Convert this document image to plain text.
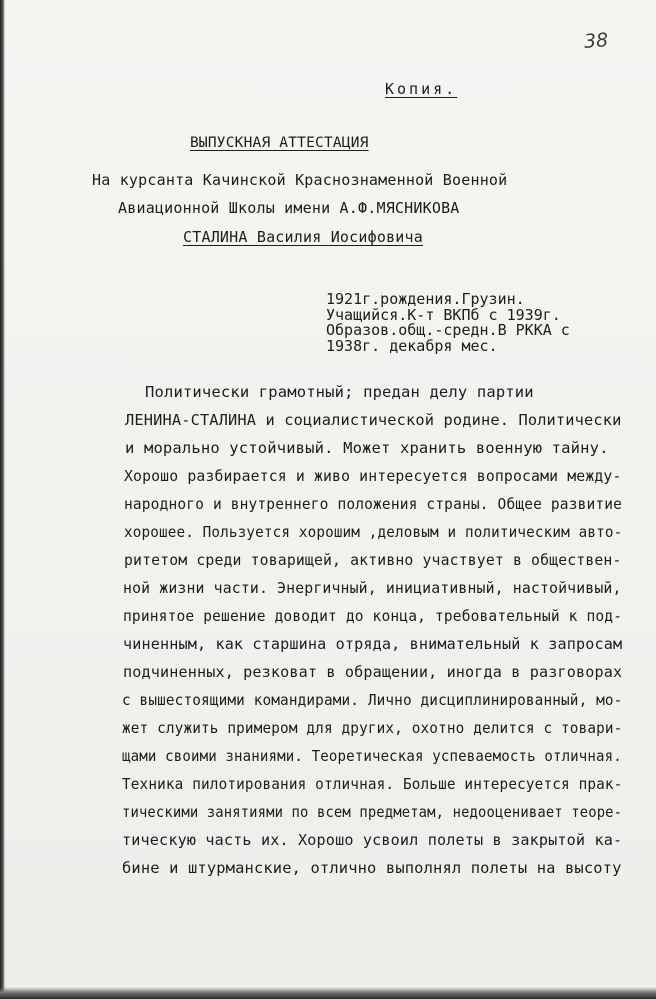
38
Копия.
ВЫПУСКНАЯ АТТЕСТАЦИЯ
На курсанта Качинской Краснознаменной Военной
Авиационной Школы имени А.Ф.МЯСНИКОВА
СТАЛИНА Василия Иосифовича
1921г.рождения.Грузин.
Учащийся.К-т ВКПб с 1939г.
Образов.общ.-средн.В РККА с
1938г. декабря мес.
Политически грамотный; предан делу партии
ЛЕНИНА-СТАЛИНА и социалистической родине. Политически
и морально устойчивый. Может хранить военную тайну.
Хорошо разбирается и живо интересуется вопросами между-
народного и внутреннего положения страны. Общее развитие
хорошее. Пользуется хорошим ,деловым и политическим авто-
ритетом среди товарищей, активно участвует в обществен-
ной жизни части. Энергичный, инициативный, настойчивый,
принятое решение доводит до конца, требовательный к под-
чиненным, как старшина отряда, внимательный к запросам
подчиненных, резковат в обращении, иногда в разговорах
с вышестоящими командирами. Лично дисциплинированный, мо-
жет служить примером для других, охотно делится с товари-
щами своими знаниями. Теоретическая успеваемость отличная.
Техника пилотирования отличная. Больше интересуется прак-
тическими занятиями по всем предметам, недооценивает теоре-
тическую часть их. Хорошо усвоил полеты в закрытой ка-
бине и штурманские, отлично выполнял полеты на высоту
